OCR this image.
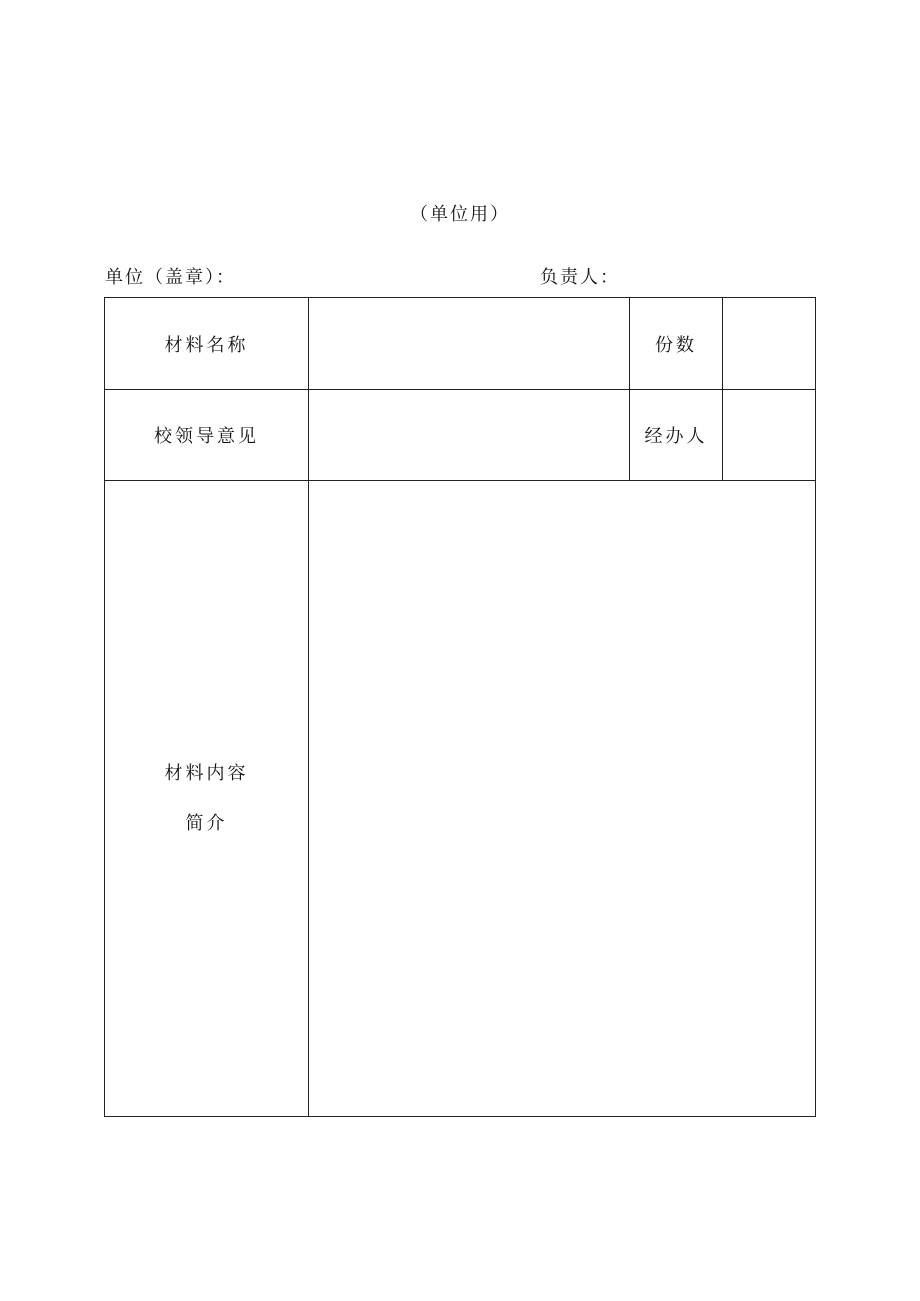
（单位用）
单位（盖章）：	负责人：
材料名称		份数	
校领导意见		经办人	

材料内容
简介			
